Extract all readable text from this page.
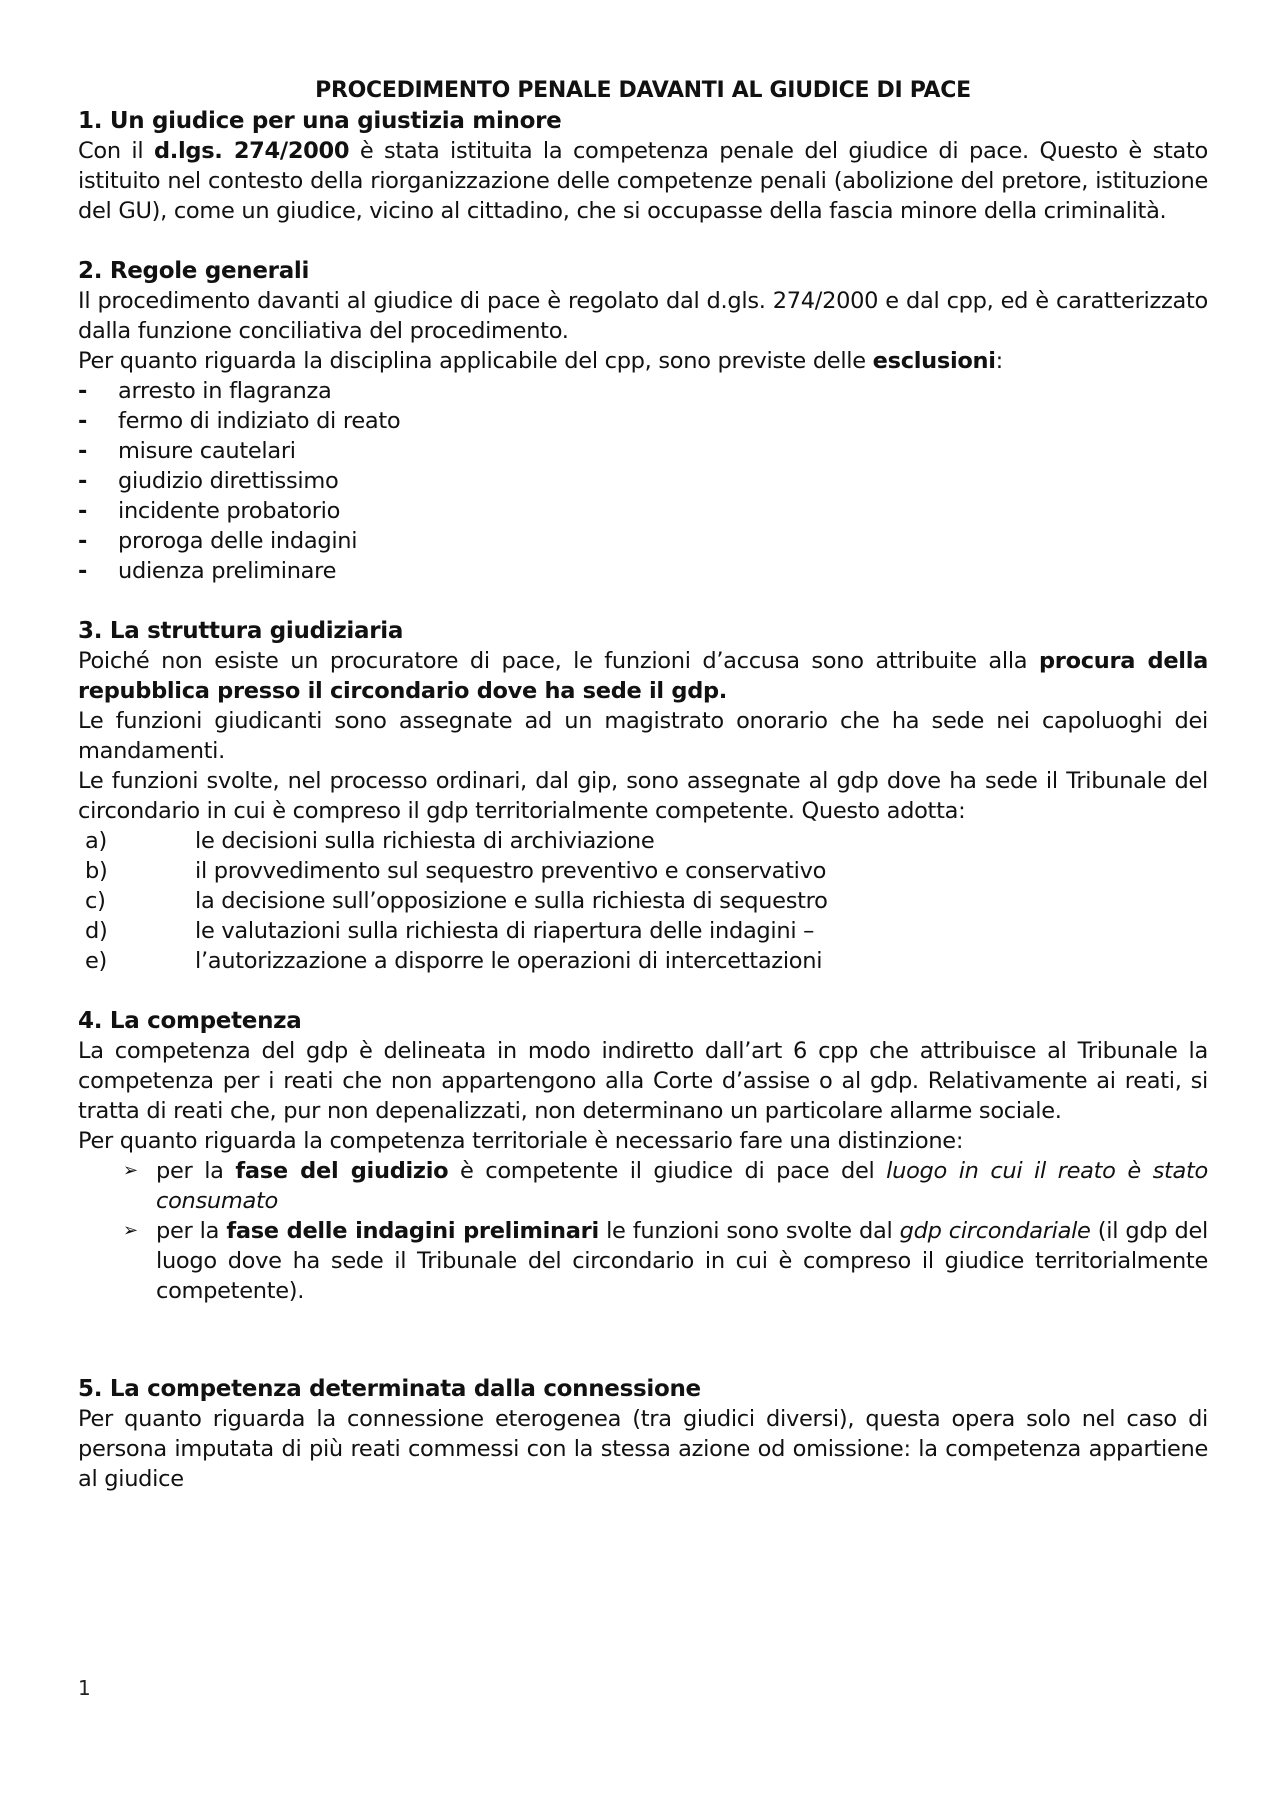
PROCEDIMENTO PENALE DAVANTI AL GIUDICE DI PACE
1. Un giudice per una giustizia minore

Con il d.lgs. 274/2000 è stata istituita la competenza penale del giudice di pace. Questo è stato istituito nel contesto della riorganizzazione delle competenze penali (abolizione del pretore, istituzione del GU), come un giudice, vicino al cittadino, che si occupasse della fascia minore della criminalità.

2. Regole generali

Il procedimento davanti al giudice di pace è regolato dal d.gls. 274/2000 e dal cpp, ed è caratterizzato dalla funzione conciliativa del procedimento.

Per quanto riguarda la disciplina applicabile del cpp, sono previste delle esclusioni:

- arresto in flagranza
- fermo di indiziato di reato
- misure cautelari
- giudizio direttissimo
- incidente probatorio
- proroga delle indagini
- udienza preliminare
3. La struttura giudiziaria

Poiché non esiste un procuratore di pace, le funzioni d’accusa sono attribuite alla procura della repubblica presso il circondario dove ha sede il gdp.

Le funzioni giudicanti sono assegnate ad un magistrato onorario che ha sede nei capoluoghi dei mandamenti.

Le funzioni svolte, nel processo ordinari, dal gip, sono assegnate al gdp dove ha sede il Tribunale del circondario in cui è compreso il gdp territorialmente competente. Questo adotta:

a)	le decisioni sulla richiesta di archiviazione
b)	il provvedimento sul sequestro preventivo e conservativo
c)	la decisione sull’opposizione e sulla richiesta di sequestro
d)	le valutazioni sulla richiesta di riapertura delle indagini –
e)	l’autorizzazione a disporre le operazioni di intercettazioni
4. La competenza

La competenza del gdp è delineata in modo indiretto dall’art 6 cpp che attribuisce al Tribunale la competenza per i reati che non appartengono alla Corte d’assise o al gdp. Relativamente ai reati, si tratta di reati che, pur non depenalizzati, non determinano un particolare allarme sociale.

Per quanto riguarda la competenza territoriale è necessario fare una distinzione:

➢ per la fase del giudizio è competente il giudice di pace del luogo in cui il reato è stato consumato
➢ per la fase delle indagini preliminari le funzioni sono svolte dal gdp circondariale (il gdp del luogo dove ha sede il Tribunale del circondario in cui è compreso il giudice territorialmente competente).
5. La competenza determinata dalla connessione

Per quanto riguarda la connessione eterogenea (tra giudici diversi), questa opera solo nel caso di persona imputata di più reati commessi con la stessa azione od omissione: la competenza appartiene al giudice

1
